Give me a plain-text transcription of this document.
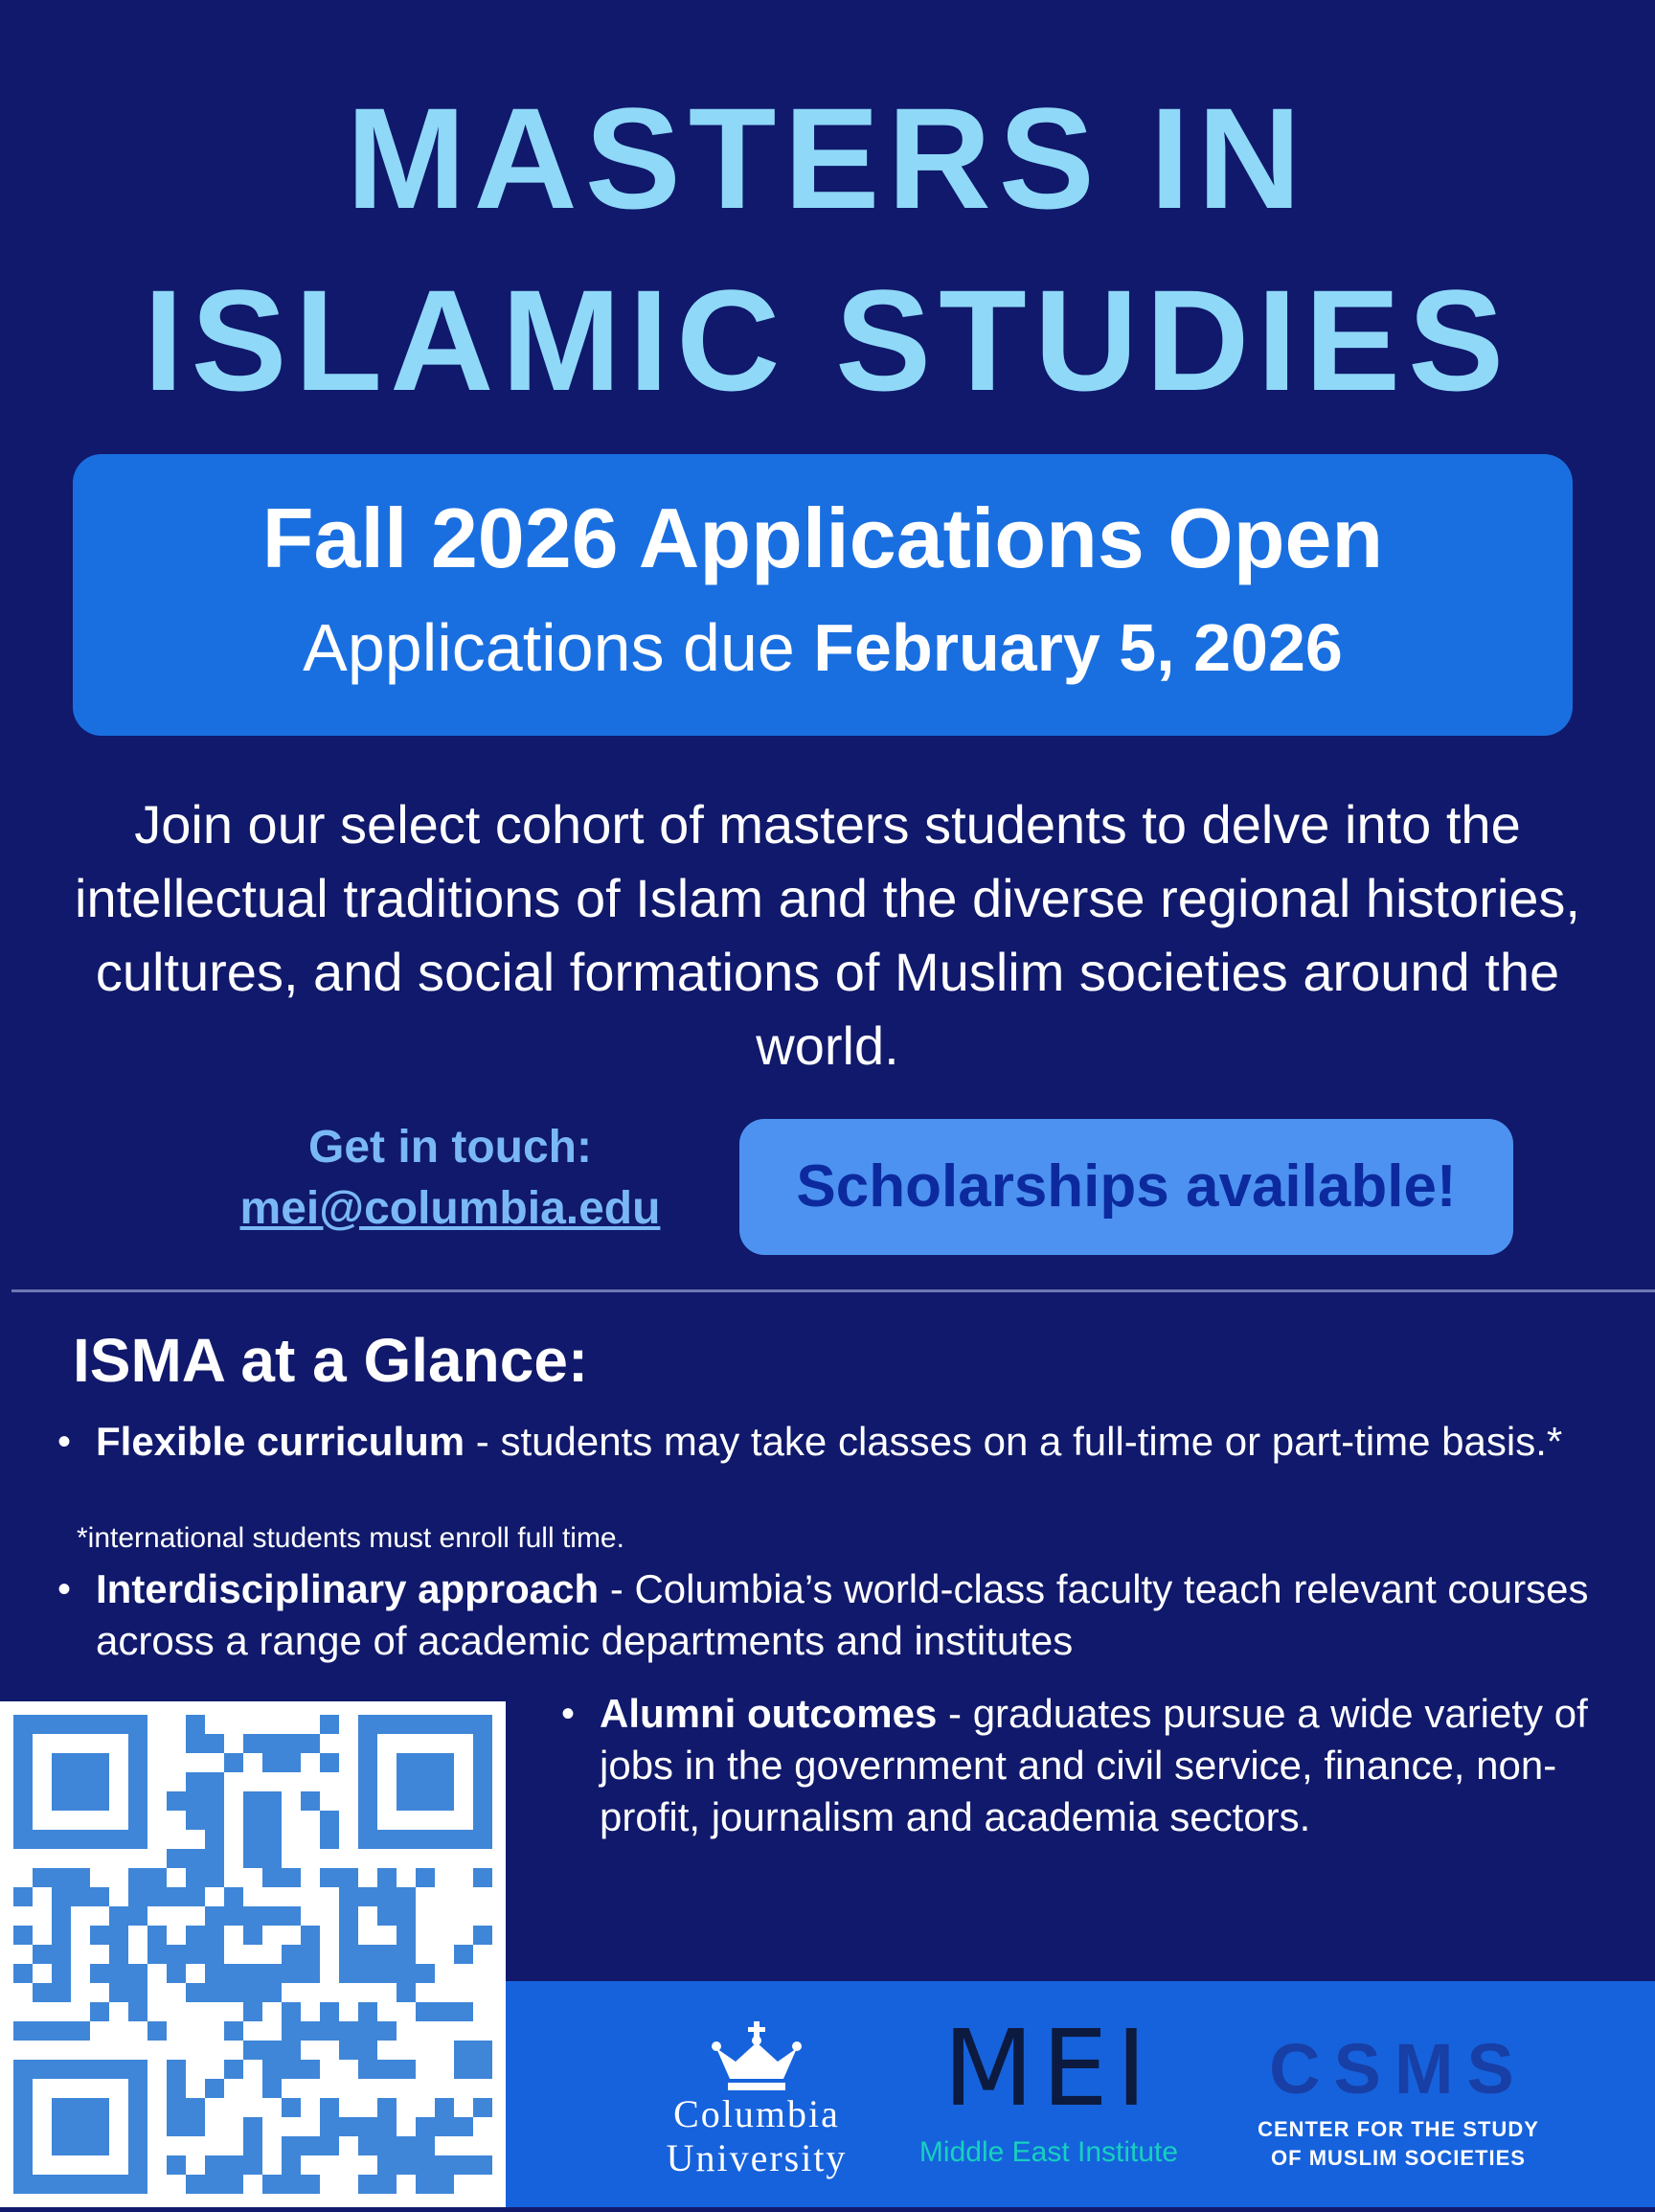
MASTERS IN
ISLAMIC STUDIES
Fall 2026 Applications Open
Applications due February 5, 2026

Join our select cohort of masters students to delve into the intellectual traditions of Islam and the diverse regional histories, cultures, and social formations of Muslim societies around the world.

Get in touch:
mei@columbia.edu	Scholarships available!
ISMA at a Glance:
• Flexible curriculum - students may take classes on a full-time or part-time basis.*
*international students must enroll full time.
• Interdisciplinary approach - Columbia’s world-class faculty teach relevant courses across a range of academic departments and institutes
• Alumni outcomes - graduates pursue a wide variety of jobs in the government and civil service, finance, non-profit, journalism and academia sectors.
Columbia
University
MEI
Middle East Institute
CSMS
CENTER FOR THE STUDY
OF MUSLIM SOCIETIES
